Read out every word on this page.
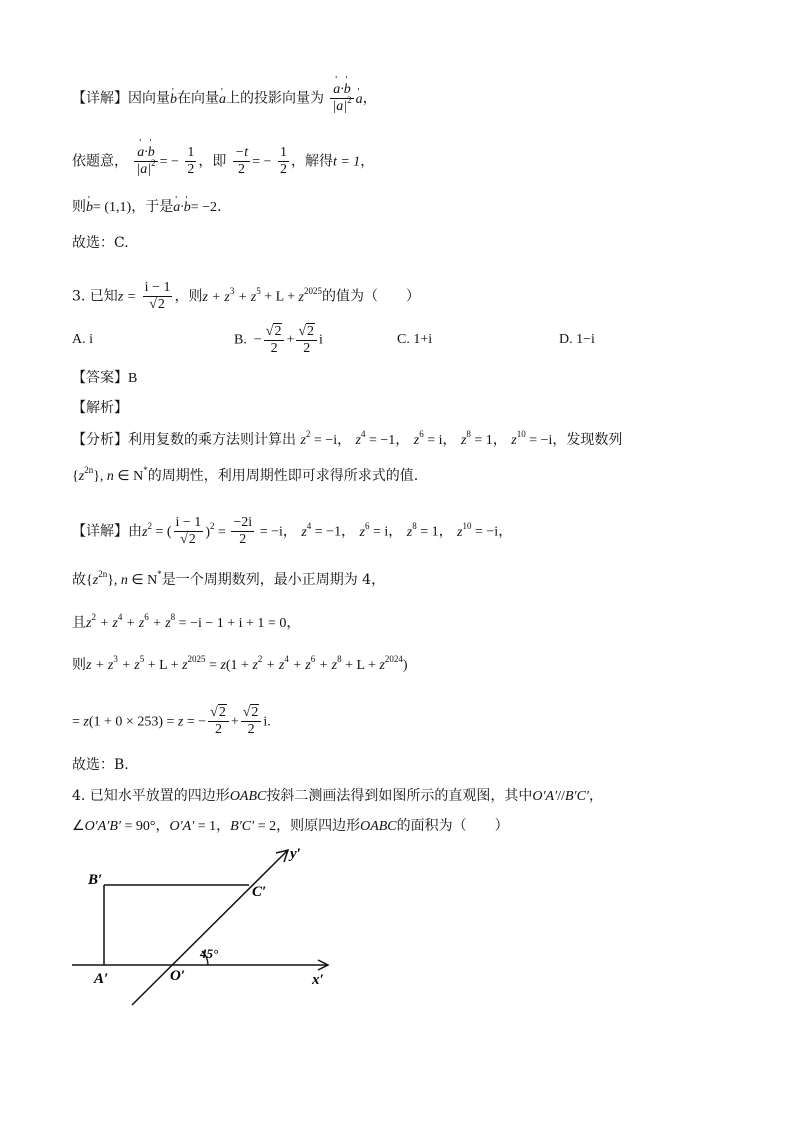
【详解】因向量' b在向量' a上的投影向量为 ' $\frac{a\cdot' b}{|a|^2}$ ' a，
依题意， ' $\frac{a\cdot' b}{|a|^2}$ = − $\frac{1}{2}$ ，即 $\frac{-t}{2}$ = − $\frac{1}{2}$ ，解得t = 1，
则' b= (1,1)，于是' a·' b= −2.
故选：C.
3. 已知$z = \frac{i - 1}{√2}$ ，则$z + z^3 + z^5 + L + z^{2025}$的值为（　　）
A. i	B.  − $\frac{√2}{2} + \frac{√2}{2}$ i	C. 1+i	D. 1−i
【答案】B
【解析】
【分析】利用复数的乘方法则计算出 $z^2 = -i$， $z^4 = -1$， $z^6 = i$， $z^8 = 1$， $z^{10} = -i$，发现数列
$\{z^{2n}\}$, n ∈ N*的周期性，利用周期性即可求得所求式的值.
【详解】由$z^2$ = ( $\frac{i - 1}{√2} )^2 = \frac{-2i}{2} = -i$， $z^4 = -1$， $z^6 = i$， $z^8 = 1$， $z^{10} = -i$，
故$\{z^{2n}\}$, n ∈ N*是一个周期数列，最小正周期为 4，
且$z^2 + z^4 + z^6 + z^8 = -i - 1 + i + 1 = 0$，
则$z + z^3 + z^5 + L + z^{2025} = z(1 + z^2 + z^4 + z^6 + z^8 + L + z^{2024})$
= z(1 + 0 × 253) = z = − $\frac{√2}{2} + \frac{√2}{2} i$.
故选：B.
4. 已知水平放置的四边形OABC按斜二测画法得到如图所示的直观图，其中O′A′//B′C′，
∠O′A′B′ = 90°，O′A′ = 1，B′C′ = 2，则原四边形OABC的面积为（　　）
y′
B′
C′
45°
A′	O′	x′
